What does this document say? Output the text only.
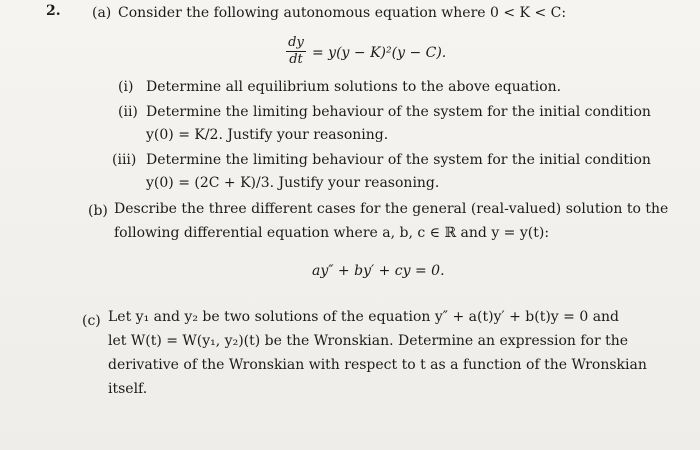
2. (a) Consider the following autonomous equation where 0 < K < C:
dy
dt = y(y − K)²(y − C).
(i) Determine all equilibrium solutions to the above equation.
(ii) Determine the limiting behaviour of the system for the initial condition
y(0) = K/2. Justify your reasoning.
(iii) Determine the limiting behaviour of the system for the initial condition
y(0) = (2C + K)/3. Justify your reasoning.
(b) Describe the three different cases for the general (real-valued) solution to the
following differential equation where a, b, c ∈ ℝ and y = y(t):
ay″ + by′ + cy = 0.
(c) Let y₁ and y₂ be two solutions of the equation y″ + a(t)y′ + b(t)y = 0 and
let W(t) = W(y₁, y₂)(t) be the Wronskian. Determine an expression for the
derivative of the Wronskian with respect to t as a function of the Wronskian
itself.
